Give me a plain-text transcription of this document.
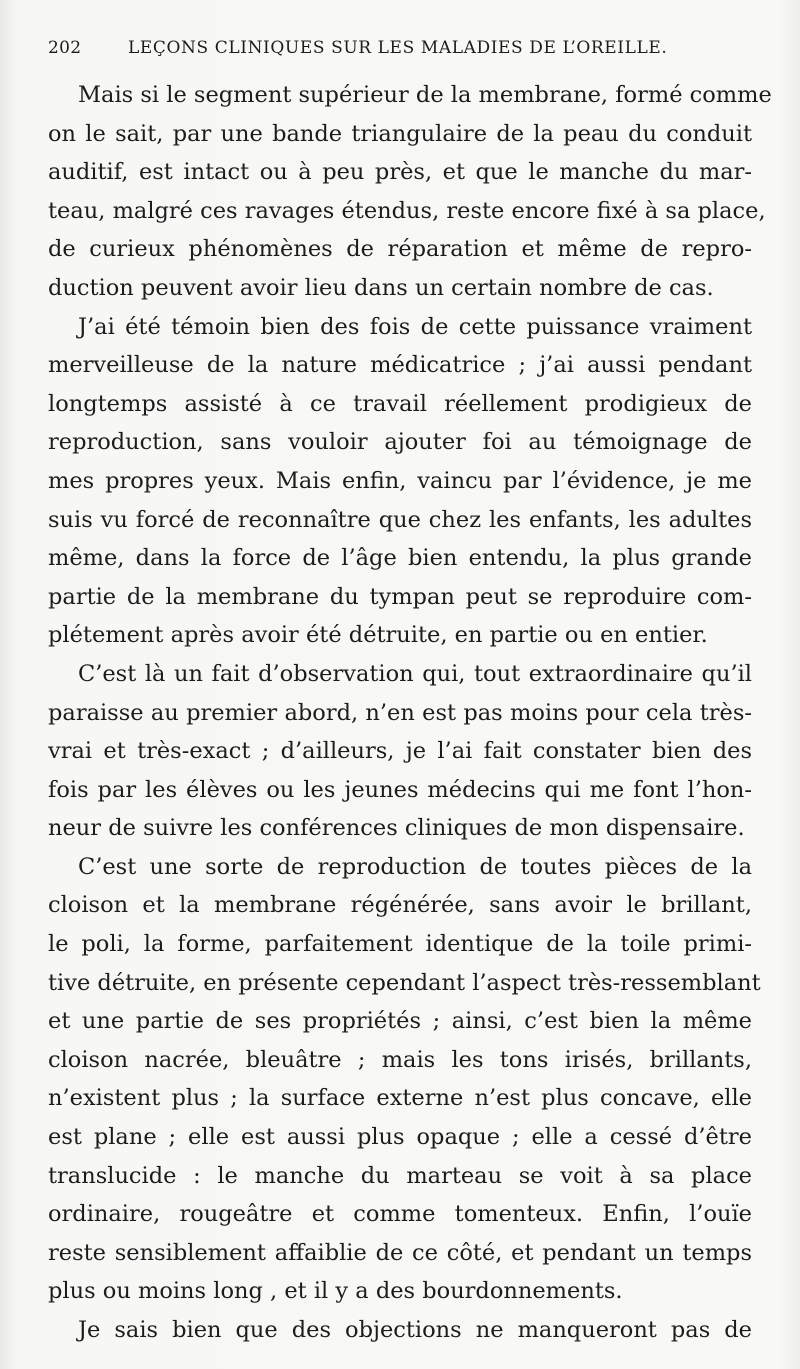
202	LEÇONS CLINIQUES SUR LES MALADIES DE L’OREILLE.
Mais si le segment supérieur de la membrane, formé comme
on le sait, par une bande triangulaire de la peau du conduit
auditif, est intact ou à peu près, et que le manche du mar-
teau, malgré ces ravages étendus, reste encore fixé à sa place,
de curieux phénomènes de réparation et même de repro-
duction peuvent avoir lieu dans un certain nombre de cas.
J’ai été témoin bien des fois de cette puissance vraiment
merveilleuse de la nature médicatrice ; j’ai aussi pendant
longtemps assisté à ce travail réellement prodigieux de
reproduction, sans vouloir ajouter foi au témoignage de
mes propres yeux. Mais enfin, vaincu par l’évidence, je me
suis vu forcé de reconnaître que chez les enfants, les adultes
même, dans la force de l’âge bien entendu, la plus grande
partie de la membrane du tympan peut se reproduire com-
plétement après avoir été détruite, en partie ou en entier.
C’est là un fait d’observation qui, tout extraordinaire qu’il
paraisse au premier abord, n’en est pas moins pour cela très-
vrai et très-exact ; d’ailleurs, je l’ai fait constater bien des
fois par les élèves ou les jeunes médecins qui me font l’hon-
neur de suivre les conférences cliniques de mon dispensaire.
C’est une sorte de reproduction de toutes pièces de la
cloison et la membrane régénérée, sans avoir le brillant,
le poli, la forme, parfaitement identique de la toile primi-
tive détruite, en présente cependant l’aspect très-ressemblant
et une partie de ses propriétés ; ainsi, c’est bien la même
cloison nacrée, bleuâtre ; mais les tons irisés, brillants,
n’existent plus ; la surface externe n’est plus concave, elle
est plane ; elle est aussi plus opaque ; elle a cessé d’être
translucide : le manche du marteau se voit à sa place
ordinaire, rougeâtre et comme tomenteux. Enfin, l’ouïe
reste sensiblement affaiblie de ce côté, et pendant un temps
plus ou moins long , et il y a des bourdonnements.
Je sais bien que des objections ne manqueront pas de
